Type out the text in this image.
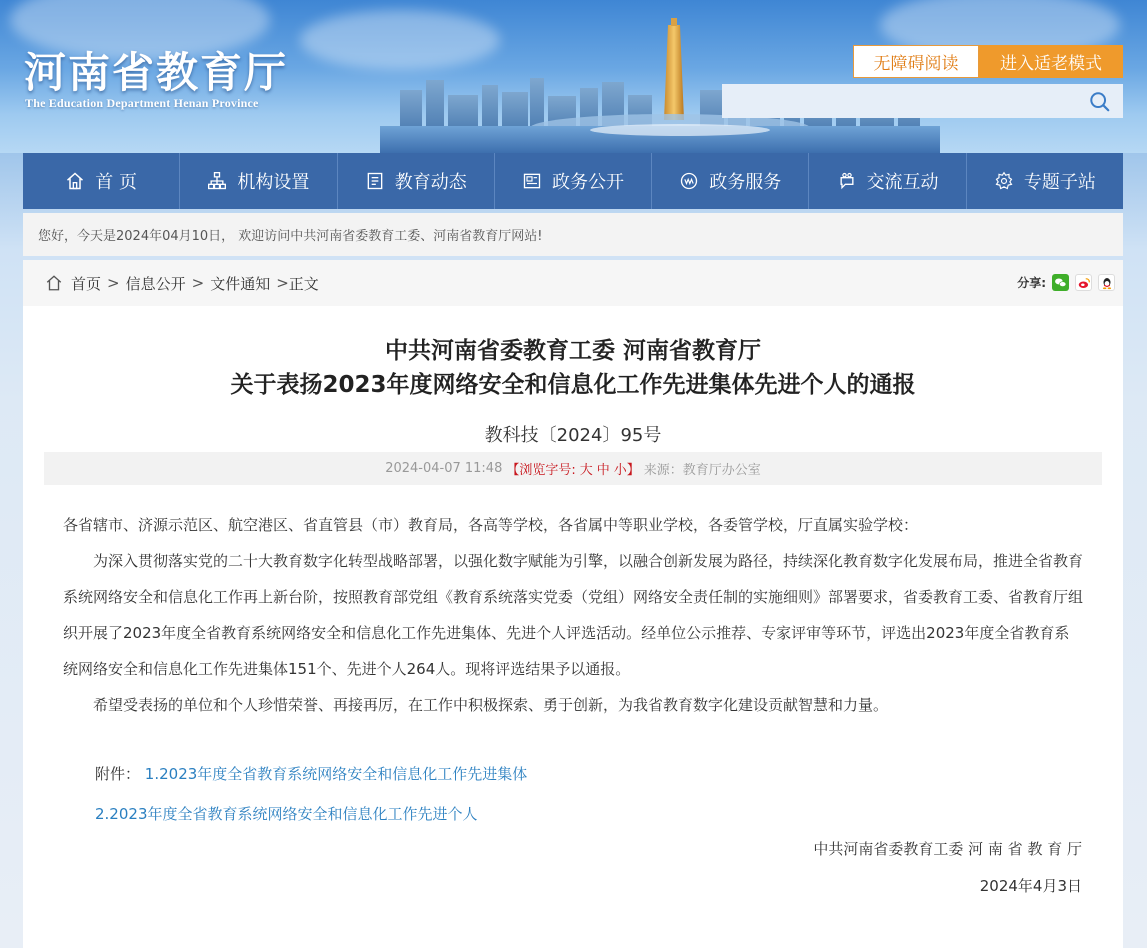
河南省教育厅
The Education Department Henan Province
无障碍阅读	进入适老模式
首 页	机构设置	教育动态	政务公开	政务服务	交流互动	专题子站
您好，今天是2024年04月10日， 欢迎访问中共河南省委教育工委、河南省教育厅网站!
首页 > 信息公开 > 文件通知 > 正文	分享:
中共河南省委教育工委 河南省教育厅
关于表扬2023年度网络安全和信息化工作先进集体先进个人的通报
教科技〔2024〕95号
2024-04-07 11:48 【浏览字号: 大 中 小】 来源：教育厅办公室

各省辖市、济源示范区、航空港区、省直管县（市）教育局，各高等学校，各省属中等职业学校，各委管学校，厅直属实验学校：

为深入贯彻落实党的二十大教育数字化转型战略部署，以强化数字赋能为引擎，以融合创新发展为路径，持续深化教育数字化发展布局，推进全省教育系统网络安全和信息化工作再上新台阶，按照教育部党组《教育系统落实党委（党组）网络安全责任制的实施细则》部署要求，省委教育工委、省教育厅组织开展了2023年度全省教育系统网络安全和信息化工作先进集体、先进个人评选活动。经单位公示推荐、专家评审等环节，评选出2023年度全省教育系统网络安全和信息化工作先进集体151个、先进个人264人。现将评选结果予以通报。

希望受表扬的单位和个人珍惜荣誉、再接再厉，在工作中积极探索、勇于创新，为我省教育数字化建设贡献智慧和力量。

附件： 1.2023年度全省教育系统网络安全和信息化工作先进集体
2.2023年度全省教育系统网络安全和信息化工作先进个人
中共河南省委教育工委 河 南 省 教 育 厅
2024年4月3日
